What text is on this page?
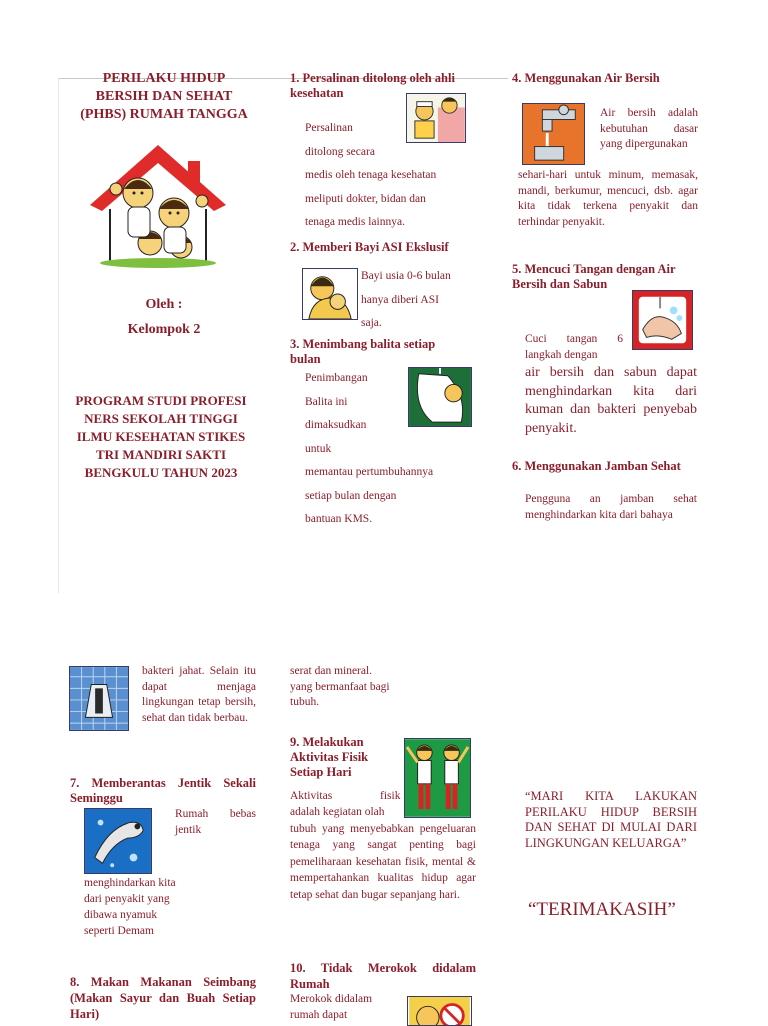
PERILAKU HIDUP BERSIH DAN SEHAT (PHBS) RUMAH TANGGA
Oleh :
Kelompok 2
PROGRAM STUDI PROFESI NERS SEKOLAH TINGGI ILMU KESEHATAN STIKES TRI MANDIRI SAKTI BENGKULU TAHUN 2023
1. Persalinan ditolong oleh ahli kesehatan
Persalinan
ditolong secara
medis oleh tenaga kesehatan
meliputi dokter, bidan dan
tenaga medis lainnya.
2. Memberi Bayi ASI Ekslusif
Bayi usia 0-6 bulan
hanya diberi ASI
saja.
3. Menimbang balita setiap bulan
Penimbangan
Balita ini
dimaksudkan
untuk
memantau pertumbuhannya
setiap bulan dengan
bantuan KMS.
4. Menggunakan Air Bersih
Air bersih adalah kebutuhan dasar yang dipergunakan
sehari-hari untuk minum, memasak, mandi, berkumur, mencuci, dsb. agar kita tidak terkena penyakit dan terhindar penyakit.
5. Mencuci Tangan dengan Air Bersih dan Sabun
Cuci tangan 6 langkah dengan
air bersih dan sabun dapat menghindarkan kita dari kuman dan bakteri penyebab penyakit.
6. Menggunakan Jamban Sehat
Pengguna an jamban sehat menghindarkan kita dari bahaya
bakteri jahat. Selain itu dapat menjaga lingkungan tetap bersih, sehat dan tidak berbau.
7. Memberantas Jentik Sekali Seminggu
Rumah bebas jentik
menghindarkan kita
dari penyakit yang
dibawa nyamuk
seperti Demam
8. Makan Makanan Seimbang (Makan Sayur dan Buah Setiap Hari)
serat dan mineral.
yang bermanfaat bagi
tubuh.
9. Melakukan Aktivitas Fisik Setiap Hari
Aktivitas
adalah kegiatan olah
fisik
tubuh yang menyebabkan pengeluaran tenaga yang sangat penting bagi pemeliharaan kesehatan fisik, mental & mempertahankan kualitas hidup agar tetap sehat dan bugar sepanjang hari.
10. Tidak Merokok didalam Rumah
Merokok didalam
rumah dapat
“MARI KITA LAKUKAN PERILAKU HIDUP BERSIH DAN SEHAT DI MULAI DARI LINGKUNGAN KELUARGA”
“TERIMAKASIH”
